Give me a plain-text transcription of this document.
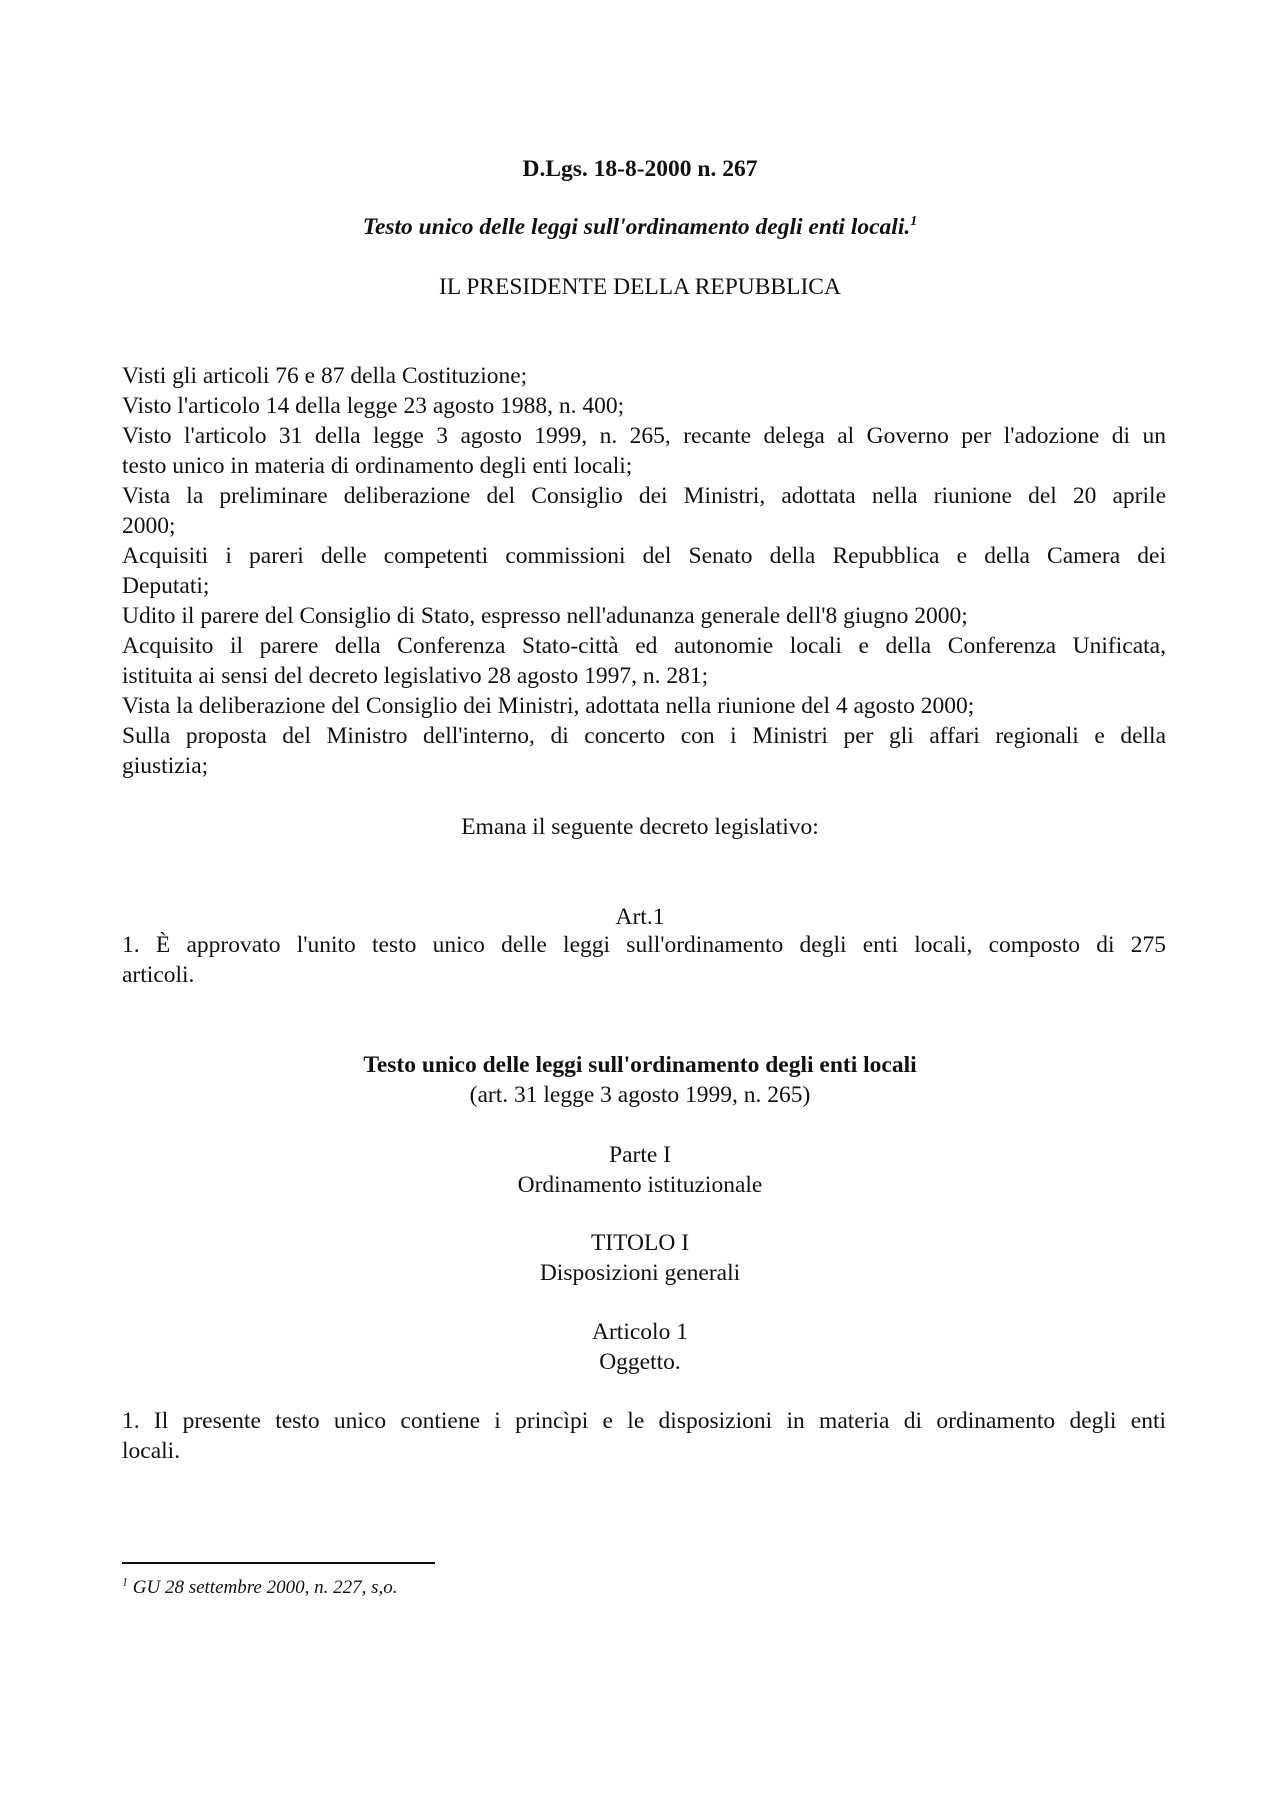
D.Lgs. 18-8-2000 n. 267
Testo unico delle leggi sull'ordinamento degli enti locali.$^1$
IL PRESIDENTE DELLA REPUBBLICA
Visti gli articoli 76 e 87 della Costituzione;
Visto l'articolo 14 della legge 23 agosto 1988, n. 400;
Visto l'articolo 31 della legge 3 agosto 1999, n. 265, recante delega al Governo per l'adozione di un
testo unico in materia di ordinamento degli enti locali;
Vista la preliminare deliberazione del Consiglio dei Ministri, adottata nella riunione del 20 aprile
2000;
Acquisiti i pareri delle competenti commissioni del Senato della Repubblica e della Camera dei
Deputati;
Udito il parere del Consiglio di Stato, espresso nell'adunanza generale dell'8 giugno 2000;
Acquisito il parere della Conferenza Stato-città ed autonomie locali e della Conferenza Unificata,
istituita ai sensi del decreto legislativo 28 agosto 1997, n. 281;
Vista la deliberazione del Consiglio dei Ministri, adottata nella riunione del 4 agosto 2000;
Sulla proposta del Ministro dell'interno, di concerto con i Ministri per gli affari regionali e della
giustizia;
Emana il seguente decreto legislativo:
Art.1
1. È approvato l'unito testo unico delle leggi sull'ordinamento degli enti locali, composto di 275
articoli.
Testo unico delle leggi sull'ordinamento degli enti locali
(art. 31 legge 3 agosto 1999, n. 265)
Parte I
Ordinamento istituzionale
TITOLO I
Disposizioni generali
Articolo 1
Oggetto.
1. Il presente testo unico contiene i princìpi e le disposizioni in materia di ordinamento degli enti
locali.
$^1$ GU 28 settembre 2000, n. 227, s,o.
